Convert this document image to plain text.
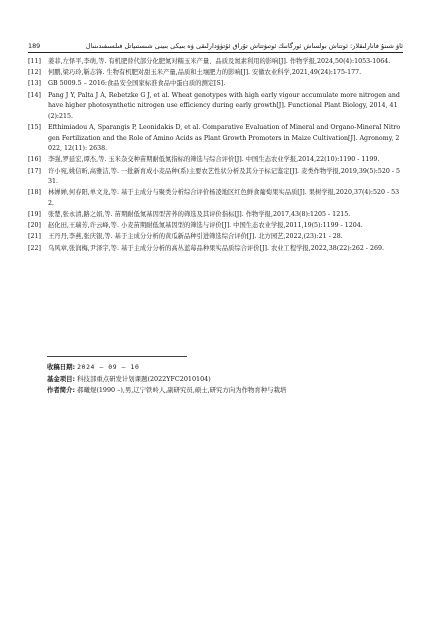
189	ئاۋ شىنۇ فانارلىقلار: ئوتتاش بولساش ئورگانىك ئوتىۋتتاش تۇراق ئۆتۈۋدارلىقى ۋە بىيكى بىينى شىستىياتل فىلسىفىدىنىال

[11] 姜菲,左怿平,李萌,等. 有机肥替代部分化肥氮对糯玉米产量、品质及氮素利用的影响[J]. 作物学报,2024,50(4):1053-1064.

[12] 何鹏,梁巧玲,靳志锋. 生物有机肥对甜玉米产量,品质和土壤肥力的影响[J]. 安徽农业科学,2021,49(24):175-177.

[13] GB 5009.5 – 2016:食品安全国家标准食品中蛋白质的测定[S].

[14] Pang J Y, Palta J A, Rebetzke G J, et al. Wheat genotypes with high early vigour accumulate more nitrogen and have higher photosynthetic nitrogen use efficiency during early growth[J]. Functional Plant Biology, 2014, 41(2):215.

[15] Efthimiadou A, Sparangis P, Leonidakis D, et al. Comparative Evaluation of Mineral and Organo-Mineral Nitrogen Fertilization and the Role of Amino Acids as Plant Growth Promoters in Maize Cultivation[J]. Agronomy, 2022, 12(11): 2638.

[16] 李强,罗延宏,谭杰,等. 玉米杂交种苗期耐低氮指标的筛选与综合评价[J]. 中国生态农业学报,2014,22(10):1190 - 1199.

[17] 许小宛,姚信昕,高雅洁,等. 一批新育成小麦品种(系)主要农艺性状分析及其分子标记鉴定[J]. 麦类作物学报,2019,39(5):520 - 531.

[18] 林婵婵,何春阳,单文龙,等. 基于主成分与聚类分析综合评价杨凌地区红色鲜食葡萄果实品质[J]. 果树学报,2020,37(4):520 - 532.

[19] 张楚,张永清,路之娟,等. 苗期耐低氮基因型苦荞的筛选及其评价指标[J]. 作物学报,2017,43(8):1205 - 1215.

[20] 赵化田,王瑞芳,许云峰,等. 小麦苗期耐低氮基因型的筛选与评价[J]. 中国生态农业学报,2011,19(5):1199 - 1204.

[21] 王丹丹,李燕,张庆银,等. 基于主成分分析的黄瓜新品种引进筛选综合评价[J]. 北方园艺,2022,(23):21 - 28.

[22] 乌风章,张润梅,尹泽宇,等. 基于主成分分析的高丛蓝莓品种果实品质综合评价[J]. 农业工程学报,2022,38(22):262 - 269.

收稿日期: 2024 – 09 – 10
基金项目: 科技部重点研发计划课题(2022YFC2010104)
作者简介: 郝曦煜(1990 –),男,辽宁铁岭人,副研究员,硕士,研究方向为作物育种与栽培
